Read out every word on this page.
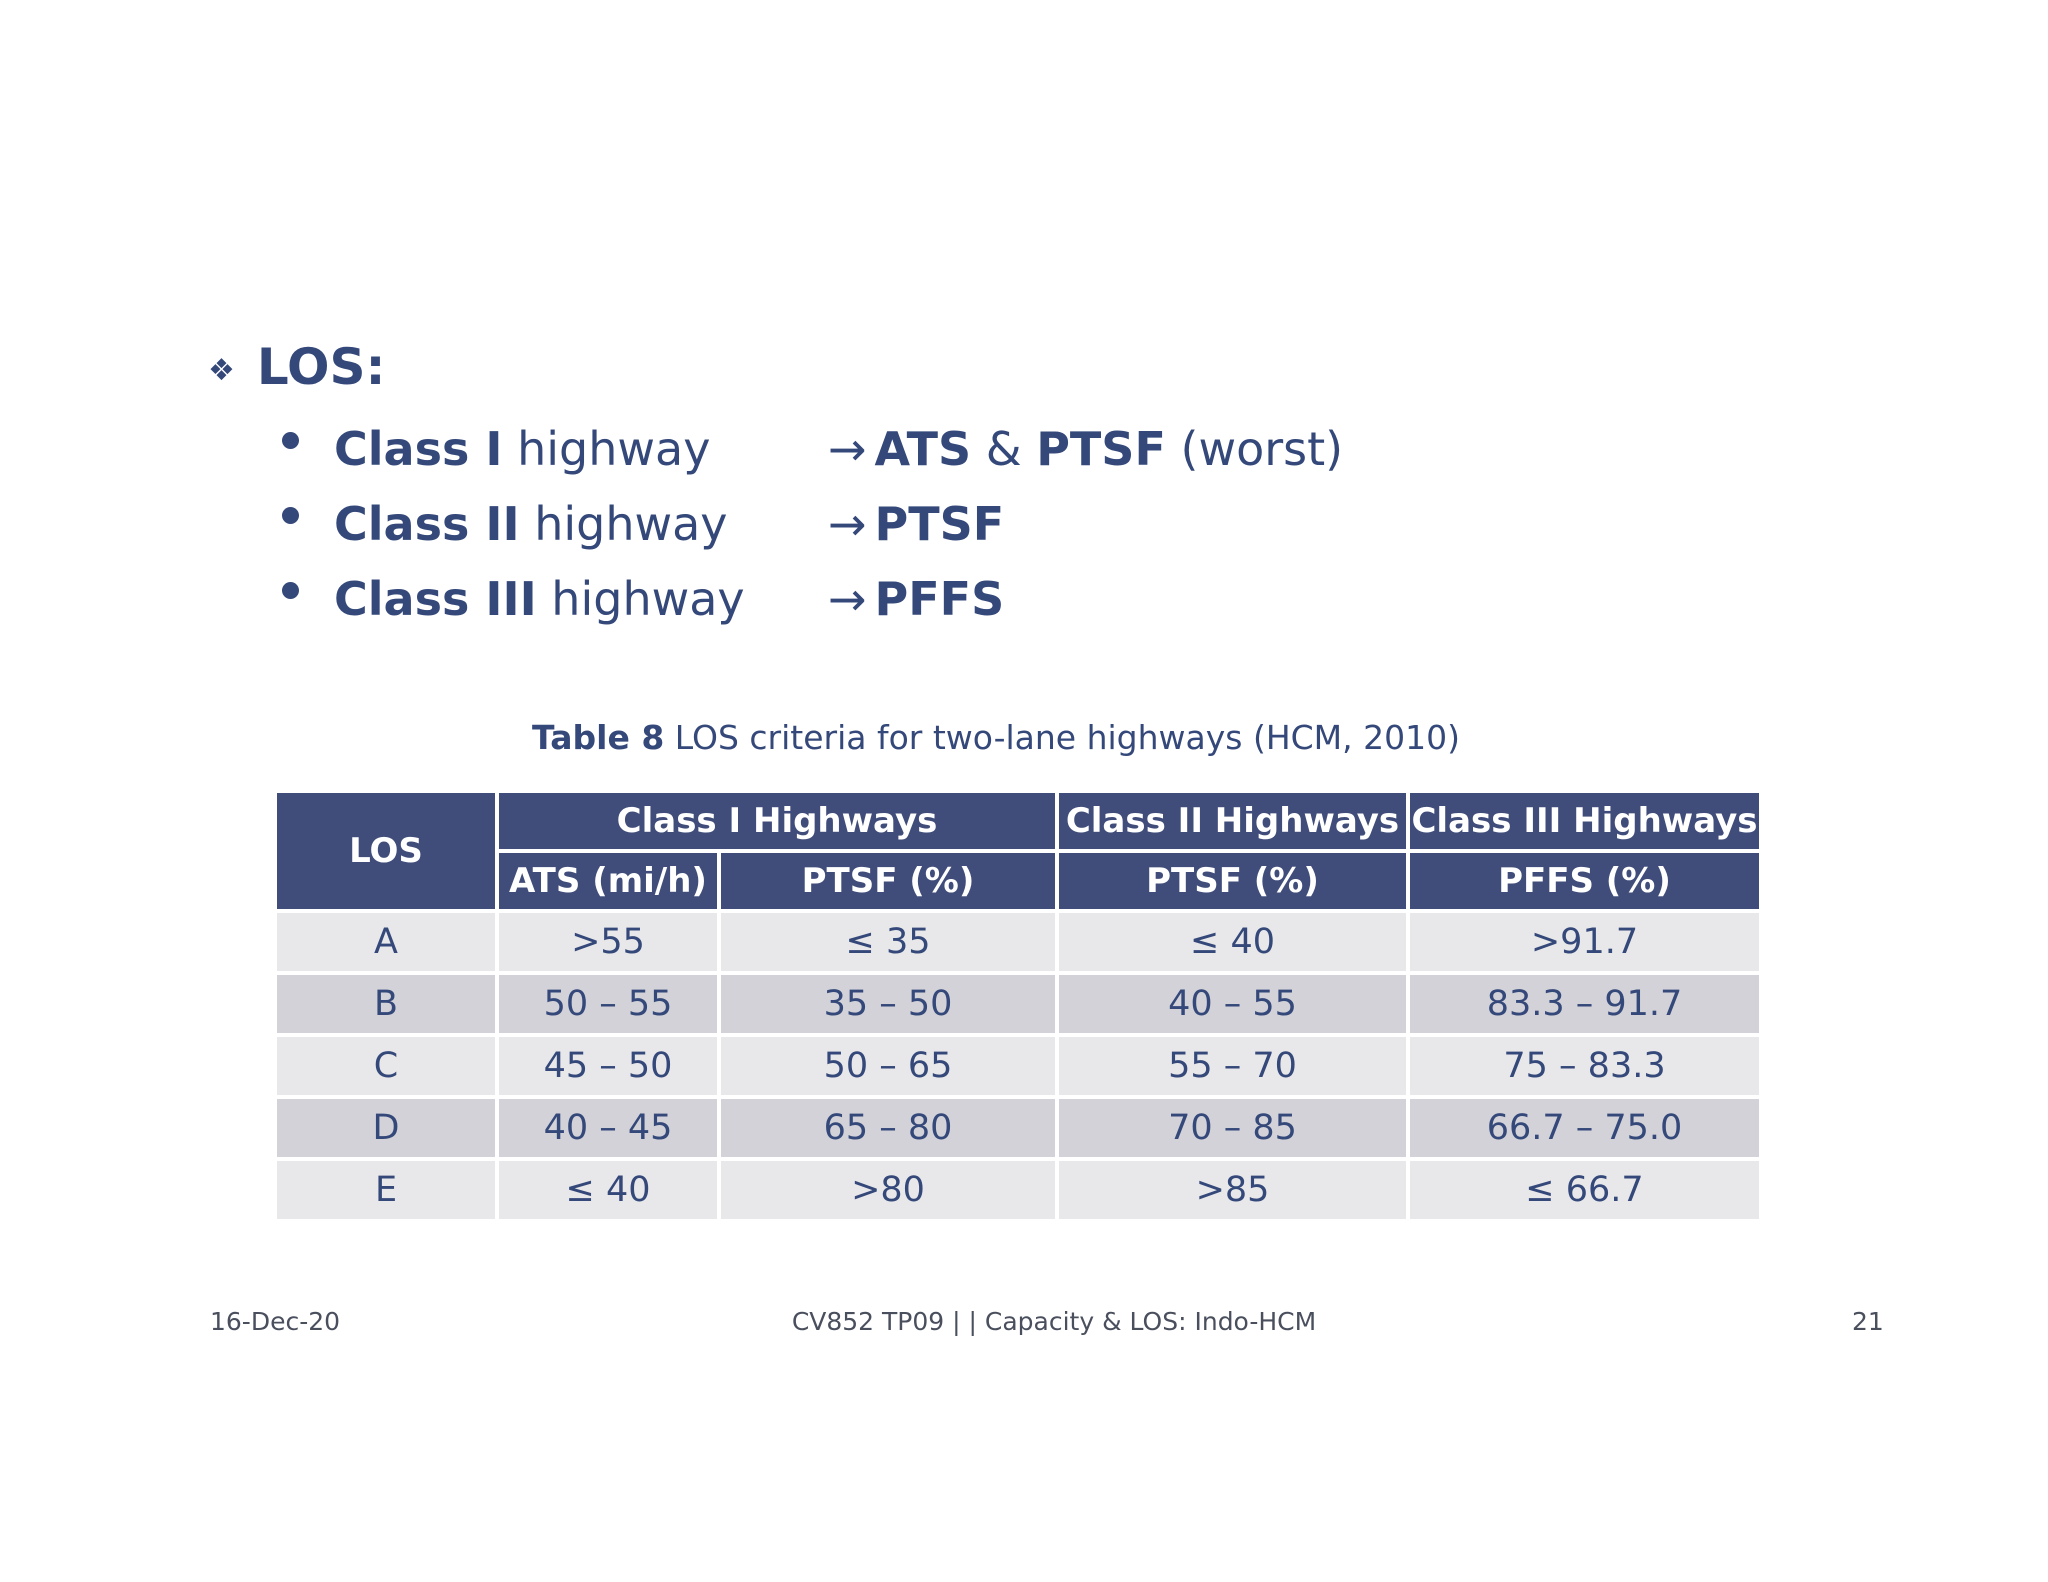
❖ LOS:
Class I highway	→ ATS & PTSF (worst)
Class II highway → PTSF
Class III highway → PFFS
Table 8 LOS criteria for two-lane highways (HCM, 2010)
LOS	Class I Highways		Class II Highways	Class III Highways
	ATS (mi/h)	PTSF (%)	PTSF (%)	PFFS (%)
A	>55	≤ 35	≤ 40	>91.7
B	50 – 55	35 – 50	40 – 55	83.3 – 91.7
C	45 – 50	50 – 65	55 – 70	75 – 83.3
D	40 – 45	65 – 80	70 – 85	66.7 – 75.0
E	≤ 40	>80	>85	≤ 66.7
16-Dec-20	CV852 TP09 | | Capacity & LOS: Indo-HCM	21
